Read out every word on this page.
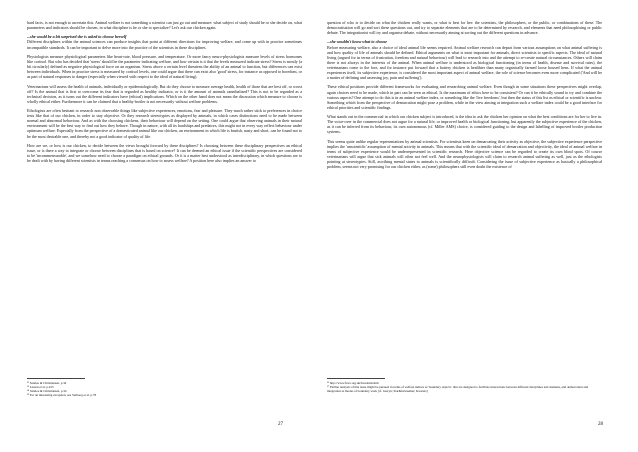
hard facts, is not enough to ascertain this. Animal welfare is not something a scientist can just go out and measure: what subject of study should he or she decide on, what parameters and indicators should be chosen, in what discipline is he or she to specialize? Let's ask our chicken again.

...she would be a bit surprised she is asked to choose herself

Different disciplines within the animal sciences can produce insights that point at different directions for improving welfare, and come up with in practice sometimes incompatible standards. It can be important to delve more into the practice of the scientists in these disciplines.

Physiologists measure physiological parameters like heart-rate, blood pressure, and temperature. Or more fancy neuro-physiologists measure levels of stress hormones like cortisol. But who has decided that 'stress' should be the parameter indicating welfare, and how certain is it that the levels measured indicate stress? Stress is mostly (a bit circularly) defined as negative physiological force on an organism. Stress above a certain level threatens the ability of an animal to function, but differences can exist between individuals. When in practice stress is measured by cortisol levels, one could argue that there can exist also 'good' stress, for instance as opposed to boredom, or as part of natural responses to danger (especially when viewed with respect to the ideal of natural living).

Veterinarians will assess the health of animals, individually or epidemiologically. But do they choose to measure average health, health of those that are best off, or worst off? Is the animal that is first to overcome its fear that is regarded as healthy indicator, or is it the amount of animals cannibalized? This is not to be regarded as a technical decision, as it turns out the different indicators have (ethical) implications. Which on the other hand does not mean the discussion which measure to choose is wholly ethical either. Furthermore it can be claimed that a healthy broiler is not necessarily without welfare problems.

Ethologists are often hesitant to research non observable things like subjective experiences, emotions, fear and pleasure. They much rather stick to preferences in choice tests like that of our chicken, in order to stay objective. Or they research stereotypies as displayed by animals, in which cases distinctions need to be made between normal and abnormal behaviour. And as with the choosing chickens, their behaviour will depend on the setting. One could argue that observing animals in their natural environment will be the best way to find out how they behave. Though in nature, with all its hardships and predators, this might not in every way reflect behaviour under optimum welfare. Especially from the perspective of a domesticated animal like our chicken, an environment in which life is brutish, nasty and short, can be found not to be the most desirable one, and thereby not a good indicator of quality of life.

How are we, or how is our chicken, to decide between the views brought forward by these disciplines? Is choosing between these disciplinary perspectives an ethical issue, or is there a way to integrate or choose between disciplines that is based on science? It can be deemed an ethical issue if the scientific perspectives are considered to be 'incommensurable', and we somehow need to choose a paradigm on ethical grounds. Or it is a matter best understood as interdisciplinary, in which questions are to be dealt with by having different scientists in teams reaching a consensus on how to assess welfare? A position here also implies an answer to

¹² Sandoe & Christiansen, p.34

¹³ Lassen et al. p.223

¹⁴ Sandoe & Christiansen, p.34

¹⁵ For an interesting exception, see Verhoog et al. p.78

27

question of who is to decide on what the chicken really wants, or what is best for her: the scientists, the philosophers, or the public, or combinations of these. The democratisation will go and sort these questions out, and try to separate elements that are to be determined by research, and elements that need philosophising or public debate. The integrationist will try and organise debate, without necessarily aiming at sorting out the different questions in advance.

...she wouldn't know what to choose

Before measuring welfare, also a choice of ideal animal life seems required. Animal welfare research can depart from various assumptions on what animal suffering is and how quality of life of animals should be defined. Ethical arguments on what is most important for animals, direct scientists to specific aspects. The ideal of natural living (argued for in terms of frustration, freedom and natural behaviour) will lead to research into and the attempt to re-create natural circumstances. Others will claim there is not always in the interests of the animal. When animal welfare is understood as biological functioning (in terms of health, disease and survival rates), the veterinarians come to the fore, and for instance put forward that a battery chicken is healthier than many organically farmed loose housed hens. If what the animal experiences itself, its subjective experience, is considered the most important aspect of animal welfare, the role of science becomes even more complicated ('And will be a matter of defining and assessing joy, pain and suffering').

These ethical positions provide different frameworks for evaluating and researching animal welfare. Even though in some situations these perspectives might overlap, again choices need to be made, which in part can be seen as ethical. Is the maximum of ethics here to be consistent? Or can it be ethically sound to try and combine the various aspects? One attempt to do this is in an animal welfare index, or something like the 'five freedoms', but then the status of this list as ethical or scientific is unclear. Something which from the perspective of demarcation might pose a problem, while in the view aiming at integration such a welfare index could be a good interface for ethical priorities and scientific findings.

What stands out in the commercial in which our chicken subject is introduced, is the idea to ask the chicken her opinion on what the best conditions are for her to live in. The voice-over in the commercial does not argue for a natural life, or improved health or biological functioning, but apparently the subjective experience of the chicken, as it can be inferred from its behaviour, its own autonomous (cf. Miller AMS) choice, is considered guiding to the design and labelling of improved broiler production systems.

This seems quite unlike regular representations by animal scientists. For scientists keen on demarcating their activity as objective, the subjective experience perspective implies the 'unscientific' assumption of mental activity in animals. This means that with the scientific ideal of demarcation and objectivity, the ideal of animal welfare in terms of subjective experience would be underrepresented in scientific research. Here objective science can be regarded to create its own blind spots. Of course veterinarians will argue that sick animals will often not feel well. And the neurophysiologists will claim to research animal suffering as well, just as the ethologists pointing at stereotypies. Still, ascribing mental states to animals is scientifically difficult. Considering the issue of subjective experience as basically a philosophical problem, seems not very promising for our chicken either, as (some) philosophers still even doubt the existence of

¹⁶ http://www.fawc.org.uk/freedoms.htm

¹⁷ Further analysis of this issue might be pursued in terms of welfare indices as 'boundary objects'. that are designed to facilitate interactions between different disciplines and domains, and demarcation and integration as modes of boundary work [cf. Gieryn; Star&Griesemer; Kwaters]

28
